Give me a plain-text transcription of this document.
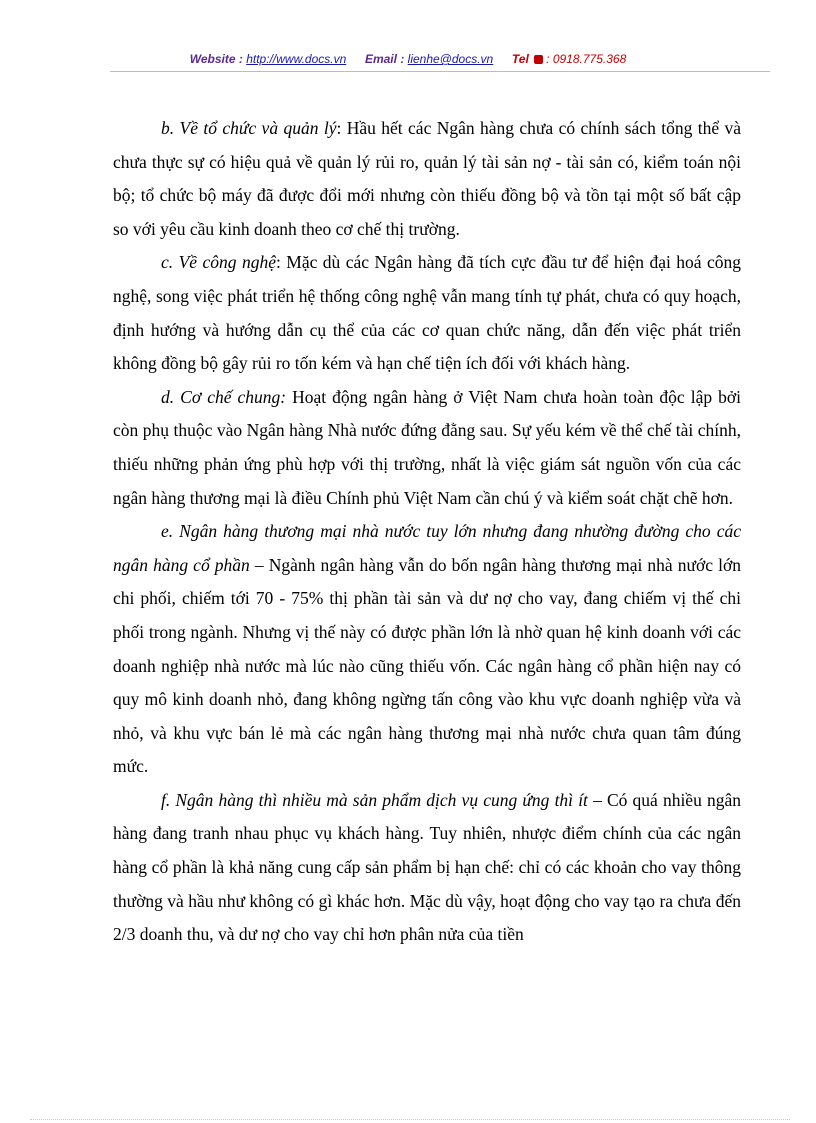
Website : http://www.docs.vn Email : lienhe@docs.vn Tel : 0918.775.368

b. Về tổ chức và quản lý: Hầu hết các Ngân hàng chưa có chính sách tổng thể và chưa thực sự có hiệu quả về quản lý rủi ro, quản lý tài sản nợ - tài sản có, kiểm toán nội bộ; tổ chức bộ máy đã được đổi mới nhưng còn thiếu đồng bộ và tồn tại một số bất cập so với yêu cầu kinh doanh theo cơ chế thị trường.

c. Về công nghệ: Mặc dù các Ngân hàng đã tích cực đầu tư để hiện đại hoá công nghệ, song việc phát triển hệ thống công nghệ vẫn mang tính tự phát, chưa có quy hoạch, định hướng và hướng dẫn cụ thể của các cơ quan chức năng, dẫn đến việc phát triển không đồng bộ gây rủi ro tốn kém và hạn chế tiện ích đối với khách hàng.

d. Cơ chế chung: Hoạt động ngân hàng ở Việt Nam chưa hoàn toàn độc lập bởi còn phụ thuộc vào Ngân hàng Nhà nước đứng đằng sau. Sự yếu kém về thể chế tài chính, thiếu những phản ứng phù hợp với thị trường, nhất là việc giám sát nguồn vốn của các ngân hàng thương mại là điều Chính phủ Việt Nam cần chú ý và kiểm soát chặt chẽ hơn.

e. Ngân hàng thương mại nhà nước tuy lớn nhưng đang nhường đường cho các ngân hàng cổ phần – Ngành ngân hàng vẫn do bốn ngân hàng thương mại nhà nước lớn chi phối, chiếm tới 70 - 75% thị phần tài sản và dư nợ cho vay, đang chiếm vị thế chi phối trong ngành. Nhưng vị thế này có được phần lớn là nhờ quan hệ kinh doanh với các doanh nghiệp nhà nước mà lúc nào cũng thiếu vốn. Các ngân hàng cổ phần hiện nay có quy mô kinh doanh nhỏ, đang không ngừng tấn công vào khu vực doanh nghiệp vừa và nhỏ, và khu vực bán lẻ mà các ngân hàng thương mại nhà nước chưa quan tâm đúng mức.

f. Ngân hàng thì nhiều mà sản phẩm dịch vụ cung ứng thì ít – Có quá nhiều ngân hàng đang tranh nhau phục vụ khách hàng. Tuy nhiên, nhược điểm chính của các ngân hàng cổ phần là khả năng cung cấp sản phẩm bị hạn chế: chỉ có các khoản cho vay thông thường và hầu như không có gì khác hơn. Mặc dù vậy, hoạt động cho vay tạo ra chưa đến 2/3 doanh thu, và dư nợ cho vay chỉ hơn phân nửa của tiền
